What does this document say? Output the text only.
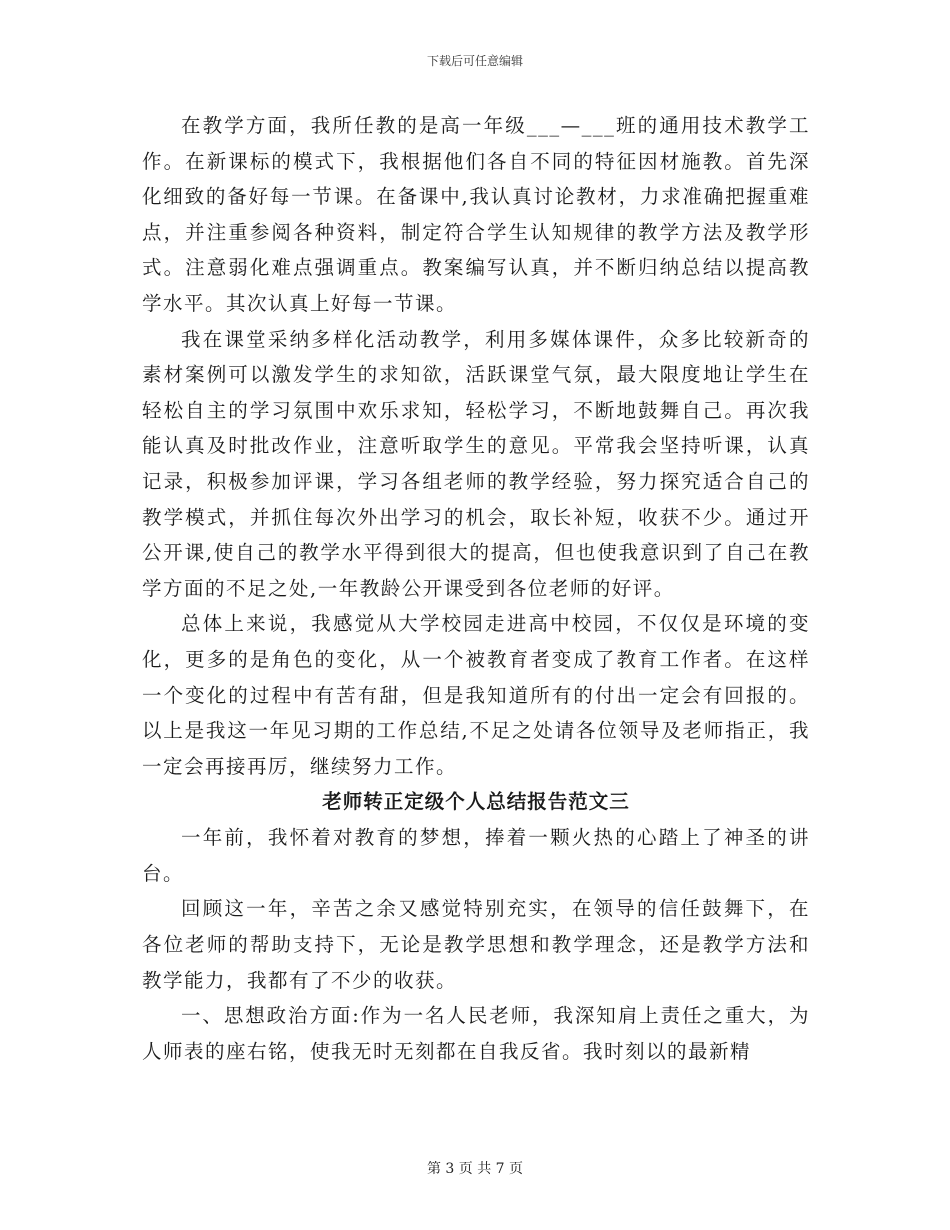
下载后可任意编辑

在教学方面，我所任教的是高一年级___—___班的通用技术教学工作。在新课标的模式下，我根据他们各自不同的特征因材施教。首先深化细致的备好每一节课。在备课中,我认真讨论教材，力求准确把握重难点，并注重参阅各种资料，制定符合学生认知规律的教学方法及教学形式。注意弱化难点强调重点。教案编写认真，并不断归纳总结以提高教学水平。其次认真上好每一节课。

我在课堂采纳多样化活动教学，利用多媒体课件，众多比较新奇的素材案例可以激发学生的求知欲，活跃课堂气氛，最大限度地让学生在轻松自主的学习氛围中欢乐求知，轻松学习，不断地鼓舞自己。再次我能认真及时批改作业，注意听取学生的意见。平常我会坚持听课，认真记录，积极参加评课，学习各组老师的教学经验，努力探究适合自己的教学模式，并抓住每次外出学习的机会，取长补短，收获不少。通过开公开课,使自己的教学水平得到很大的提高，但也使我意识到了自己在教学方面的不足之处,一年教龄公开课受到各位老师的好评。

总体上来说，我感觉从大学校园走进高中校园，不仅仅是环境的变化，更多的是角色的变化，从一个被教育者变成了教育工作者。在这样一个变化的过程中有苦有甜，但是我知道所有的付出一定会有回报的。以上是我这一年见习期的工作总结,不足之处请各位领导及老师指正，我一定会再接再厉，继续努力工作。

老师转正定级个人总结报告范文三

一年前，我怀着对教育的梦想，捧着一颗火热的心踏上了神圣的讲台。

回顾这一年，辛苦之余又感觉特别充实，在领导的信任鼓舞下，在各位老师的帮助支持下，无论是教学思想和教学理念，还是教学方法和教学能力，我都有了不少的收获。

一、思想政治方面:作为一名人民老师，我深知肩上责任之重大，为人师表的座右铭，使我无时无刻都在自我反省。我时刻以的最新精

第 3 页 共 7 页
